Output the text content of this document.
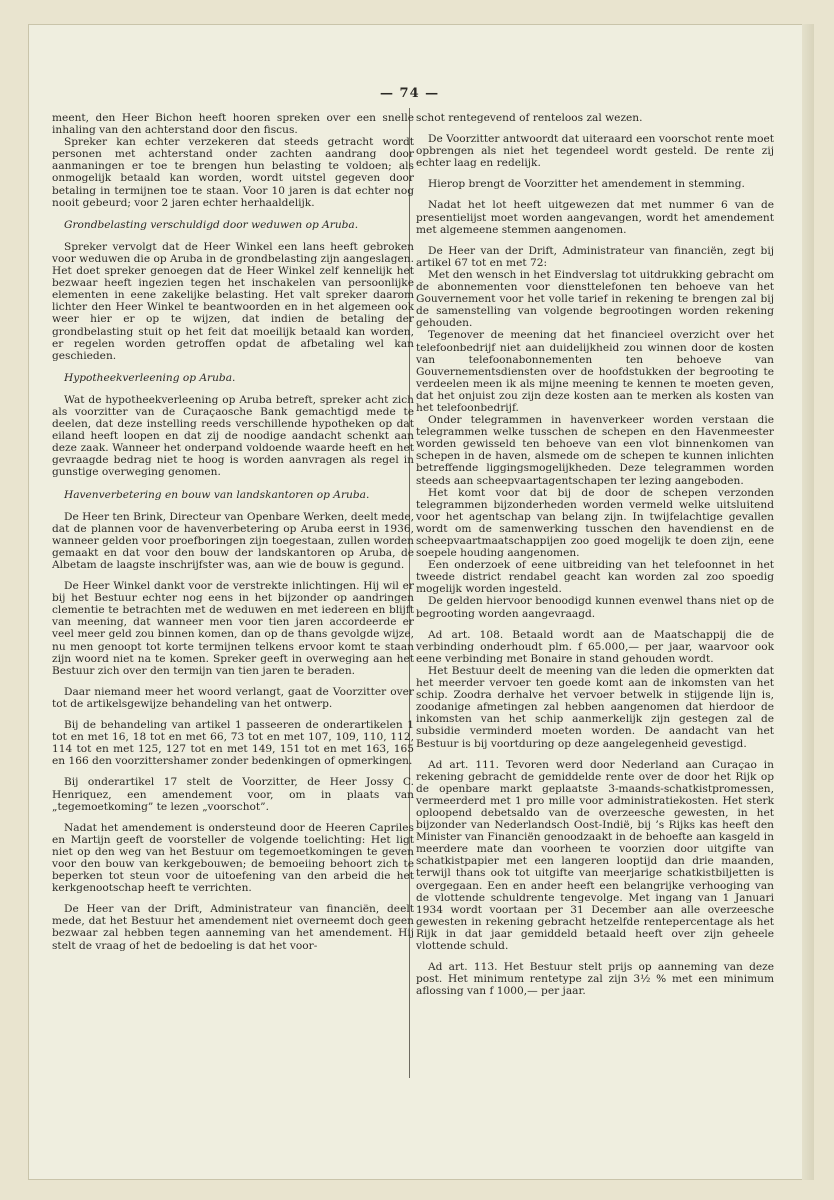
— 74 —

meent, den Heer Bichon heeft hooren spreken over een snelle inhaling van den achterstand door den fiscus.

Spreker kan echter verzekeren dat steeds getracht wordt personen met achterstand onder zachten aandrang door aanmaningen er toe te brengen hun belasting te voldoen; als onmogelijk betaald kan worden, wordt uitstel gegeven door betaling in termijnen toe te staan. Voor 10 jaren is dat echter nog nooit gebeurd; voor 2 jaren echter herhaaldelijk.

Grondbelasting verschuldigd door weduwen op Aruba.

Spreker vervolgt dat de Heer Winkel een lans heeft gebroken voor weduwen die op Aruba in de grondbelasting zijn aangeslagen. Het doet spreker genoegen dat de Heer Winkel zelf kennelijk het bezwaar heeft ingezien tegen het inschakelen van persoonlijke elementen in eene zakelijke belasting. Het valt spreker daarom lichter den Heer Winkel te beantwoorden en in het algemeen ook weer hier er op te wijzen, dat indien de betaling der grondbelasting stuit op het feit dat moeilijk betaald kan worden, er regelen worden getroffen opdat de afbetaling wel kan geschieden.

Hypotheekverleening op Aruba.

Wat de hypotheekverleening op Aruba betreft, spreker acht zich als voorzitter van de Curaçaosche Bank gemachtigd mede te deelen, dat deze instelling reeds verschillende hypotheken op dat eiland heeft loopen en dat zij de noodige aandacht schenkt aan deze zaak. Wanneer het onderpand voldoende waarde heeft en het gevraagde bedrag niet te hoog is worden aanvragen als regel in gunstige overweging genomen.

Havenverbetering en bouw van landskantoren op Aruba.

De Heer ten Brink, Directeur van Openbare Werken, deelt mede, dat de plannen voor de havenverbetering op Aruba eerst in 1936, wanneer gelden voor proefboringen zijn toegestaan, zullen worden gemaakt en dat voor den bouw der landskantoren op Aruba, de Albetam de laagste inschrijfster was, aan wie de bouw is gegund.

De Heer Winkel dankt voor de verstrekte inlichtingen. Hij wil er bij het Bestuur echter nog eens in het bijzonder op aandringen clementie te betrachten met de weduwen en met iedereen en blijft van meening, dat wanneer men voor tien jaren accordeerde er veel meer geld zou binnen komen, dan op de thans gevolgde wijze, nu men genoopt tot korte termijnen telkens ervoor komt te staan zijn woord niet na te komen. Spreker geeft in overweging aan het Bestuur zich over den termijn van tien jaren te beraden.

Daar niemand meer het woord verlangt, gaat de Voorzitter over tot de artikelsgewijze behandeling van het ontwerp.

Bij de behandeling van artikel 1 passeeren de onderartikelen 1 tot en met 16, 18 tot en met 66, 73 tot en met 107, 109, 110, 112, 114 tot en met 125, 127 tot en met 149, 151 tot en met 163, 165 en 166 den voorzittershamer zonder bedenkingen of opmerkingen.

Bij onderartikel 17 stelt de Voorzitter, de Heer Jossy C. Henriquez, een amendement voor, om in plaats van „tegemoetkoming” te lezen „voorschot”.

Nadat het amendement is ondersteund door de Heeren Capriles en Martijn geeft de voorsteller de volgende toelichting: Het ligt niet op den weg van het Bestuur om tegemoetkomingen te geven voor den bouw van kerkgebouwen; de bemoeiing behoort zich te beperken tot steun voor de uitoefening van den arbeid die het kerkgenootschap heeft te verrichten.

De Heer van der Drift, Administrateur van financiën, deelt mede, dat het Bestuur het amendement niet overneemt doch geen bezwaar zal hebben tegen aanneming van het amendement. Hij stelt de vraag of het de bedoeling is dat het voor-

schot rentegevend of renteloos zal wezen.

De Voorzitter antwoordt dat uiteraard een voorschot rente moet opbrengen als niet het tegendeel wordt gesteld. De rente zij echter laag en redelijk.

Hierop brengt de Voorzitter het amendement in stemming.

Nadat het lot heeft uitgewezen dat met nummer 6 van de presentielijst moet worden aangevangen, wordt het amendement met algemeene stemmen aangenomen.

De Heer van der Drift, Administrateur van financiën, zegt bij artikel 67 tot en met 72:

Met den wensch in het Eindverslag tot uitdrukking gebracht om de abonnementen voor diensttelefonen ten behoeve van het Gouvernement voor het volle tarief in rekening te brengen zal bij de samenstelling van volgende begrootingen worden rekening gehouden.

Tegenover de meening dat het financieel overzicht over het telefoonbedrijf niet aan duidelijkheid zou winnen door de kosten van telefoonabonnementen ten behoeve van Gouvernementsdiensten over de hoofdstukken der begrooting te verdeelen meen ik als mijne meening te kennen te moeten geven, dat het onjuist zou zijn deze kosten aan te merken als kosten van het telefoonbedrijf.

Onder telegrammen in havenverkeer worden verstaan die telegrammen welke tusschen de schepen en den Havenmeester worden gewisseld ten behoeve van een vlot binnenkomen van schepen in de haven, alsmede om de schepen te kunnen inlichten betreffende liggingsmogelijkheden. Deze telegrammen worden steeds aan scheepvaartagentschapen ter lezing aangeboden.

Het komt voor dat bij de door de schepen verzonden telegrammen bijzonderheden worden vermeld welke uitsluitend voor het agentschap van belang zijn. In twijfelachtige gevallen wordt om de samenwerking tusschen den havendienst en de scheepvaartmaatschappijen zoo goed mogelijk te doen zijn, eene soepele houding aangenomen.

Een onderzoek of eene uitbreiding van het telefoonnet in het tweede district rendabel geacht kan worden zal zoo spoedig mogelijk worden ingesteld.

De gelden hiervoor benoodigd kunnen evenwel thans niet op de begrooting worden aangevraagd.

Ad art. 108. Betaald wordt aan de Maatschappij die de verbinding onderhoudt plm. f 65.000,— per jaar, waarvoor ook eene verbinding met Bonaire in stand gehouden wordt.

Het Bestuur deelt de meening van die leden die opmerkten dat het meerder vervoer ten goede komt aan de inkomsten van het schip. Zoodra derhalve het vervoer betwelk in stijgende lijn is, zoodanige afmetingen zal hebben aangenomen dat hierdoor de inkomsten van het schip aanmerkelijk zijn gestegen zal de subsidie verminderd moeten worden. De aandacht van het Bestuur is bij voortduring op deze aangelegenheid gevestigd.

Ad art. 111. Tevoren werd door Nederland aan Curaçao in rekening gebracht de gemiddelde rente over de door het Rijk op de openbare markt geplaatste 3-maands-schatkistpromessen, vermeerderd met 1 pro mille voor administratiekosten. Het sterk oploopend debetsaldo van de overzeesche gewesten, in het bijzonder van Nederlandsch Oost-Indië, bij ’s Rijks kas heeft den Minister van Financiën genoodzaakt in de behoefte aan kasgeld in meerdere mate dan voorheen te voorzien door uitgifte van schatkistpapier met een langeren looptijd dan drie maanden, terwijl thans ook tot uitgifte van meerjarige schatkistbiljetten is overgegaan. Een en ander heeft een belangrijke verhooging van de vlottende schuldrente tengevolge. Met ingang van 1 Januari 1934 wordt voortaan per 31 December aan alle overzeesche gewesten in rekening gebracht hetzelfde rentepercentage als het Rijk in dat jaar gemiddeld betaald heeft over zijn geheele vlottende schuld.

Ad art. 113. Het Bestuur stelt prijs op aanneming van deze post. Het minimum rentetype zal zijn 3½ % met een minimum aflossing van f 1000,— per jaar.
